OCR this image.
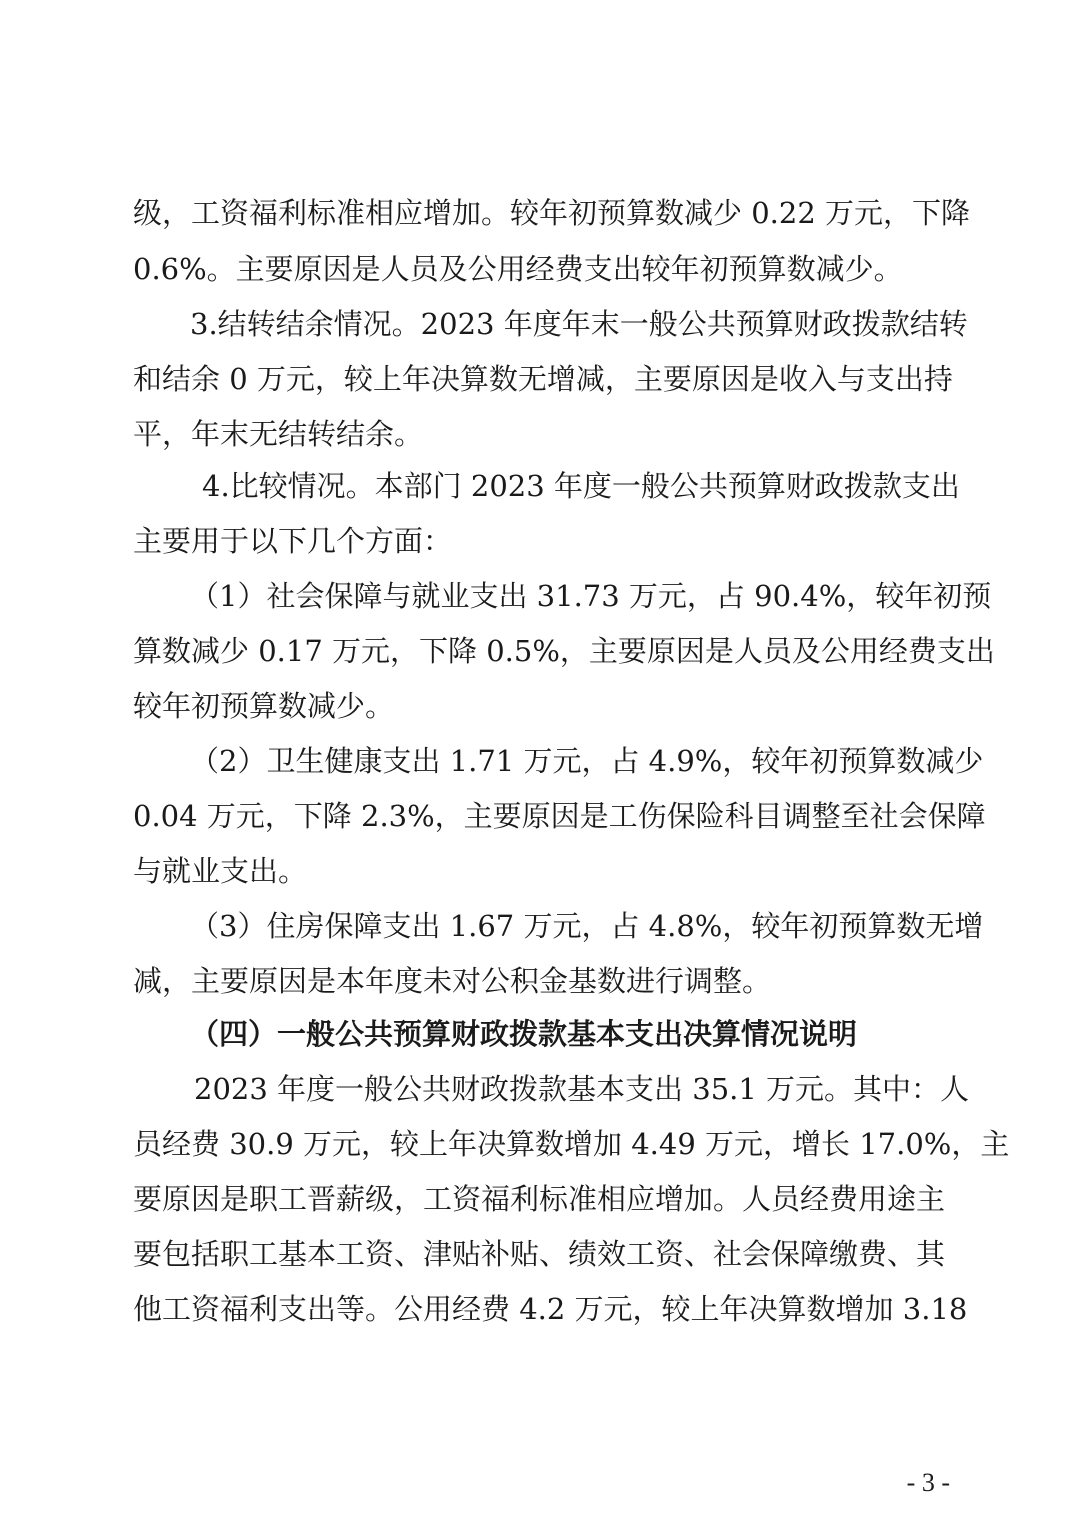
级，工资福利标准相应增加。较年初预算数减少 0.22 万元，下降
0.6%。主要原因是人员及公用经费支出较年初预算数减少。
3.结转结余情况。2023 年度年末一般公共预算财政拨款结转
和结余 0 万元，较上年决算数无增减，主要原因是收入与支出持
平，年末无结转结余。
4.比较情况。本部门 2023 年度一般公共预算财政拨款支出
主要用于以下几个方面：
（1）社会保障与就业支出 31.73 万元，占 90.4%，较年初预
算数减少 0.17 万元，下降 0.5%，主要原因是人员及公用经费支出
较年初预算数减少。
（2）卫生健康支出 1.71 万元，占 4.9%，较年初预算数减少
0.04 万元，下降 2.3%，主要原因是工伤保险科目调整至社会保障
与就业支出。
（3）住房保障支出 1.67 万元，占 4.8%，较年初预算数无增
减，主要原因是本年度未对公积金基数进行调整。
（四）一般公共预算财政拨款基本支出决算情况说明
2023 年度一般公共财政拨款基本支出 35.1 万元。其中：人
员经费 30.9 万元，较上年决算数增加 4.49 万元，增长 17.0%，主
要原因是职工晋薪级，工资福利标准相应增加。人员经费用途主
要包括职工基本工资、津贴补贴、绩效工资、社会保障缴费、其
他工资福利支出等。公用经费 4.2 万元，较上年决算数增加 3.18
- 3 -
